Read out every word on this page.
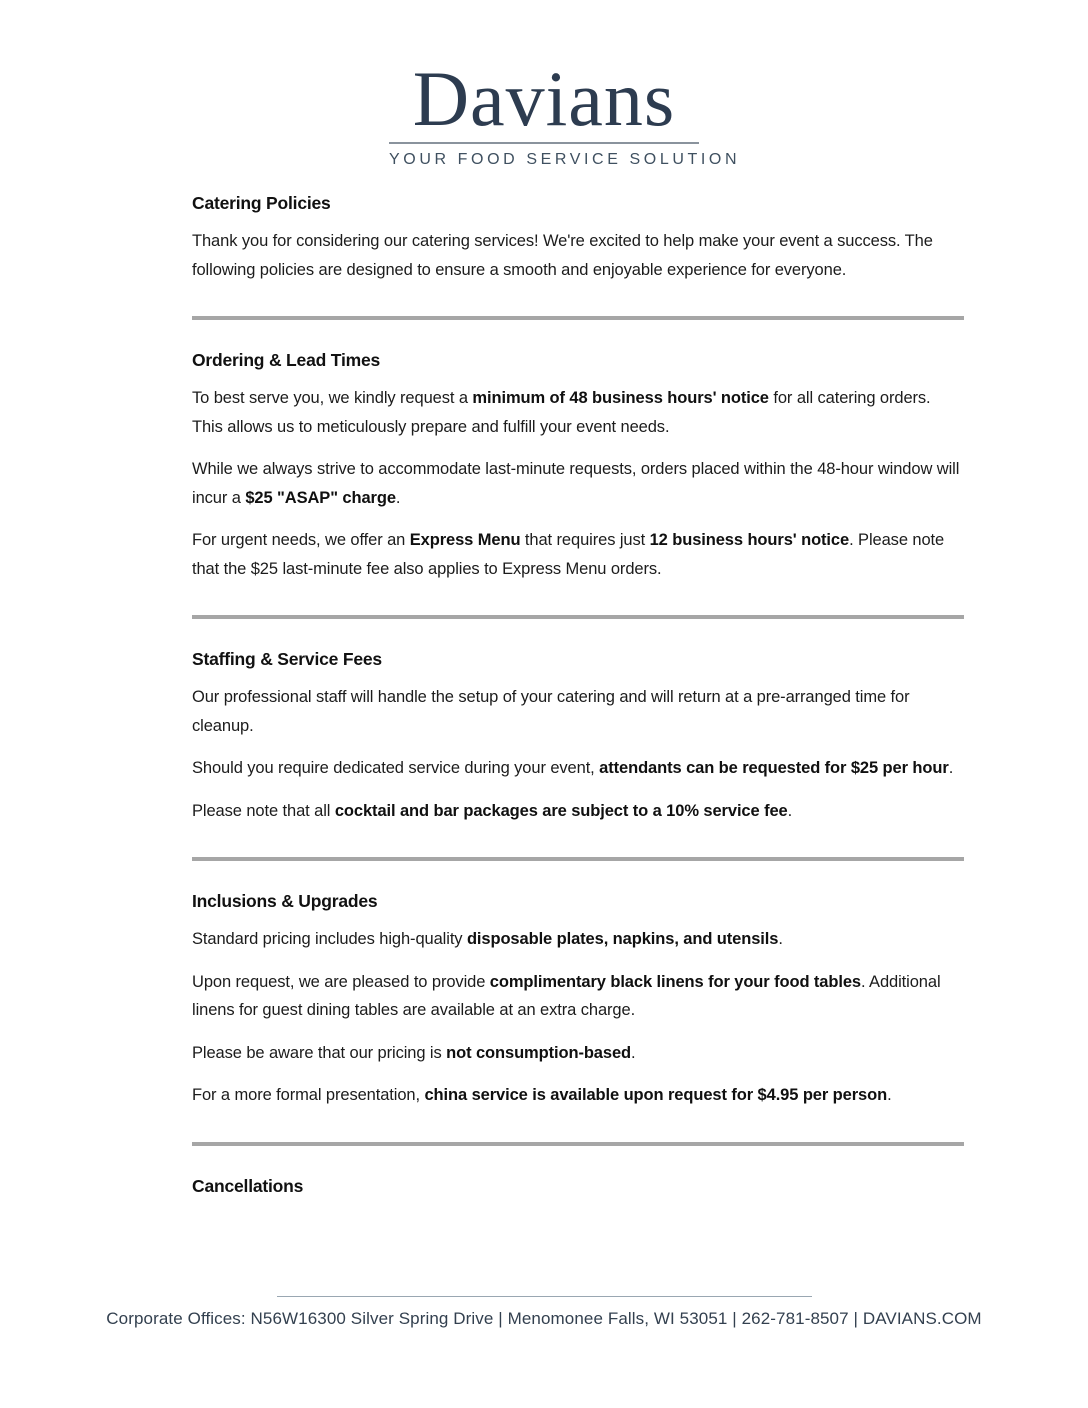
Davians
YOUR FOOD SERVICE SOLUTION
Catering Policies

Thank you for considering our catering services! We're excited to help make your event a success. The following policies are designed to ensure a smooth and enjoyable experience for everyone.

Ordering & Lead Times

To best serve you, we kindly request a minimum of 48 business hours' notice for all catering orders. This allows us to meticulously prepare and fulfill your event needs.

While we always strive to accommodate last-minute requests, orders placed within the 48-hour window will incur a $25 "ASAP" charge.

For urgent needs, we offer an Express Menu that requires just 12 business hours' notice. Please note that the $25 last-minute fee also applies to Express Menu orders.

Staffing & Service Fees

Our professional staff will handle the setup of your catering and will return at a pre-arranged time for cleanup.

Should you require dedicated service during your event, attendants can be requested for $25 per hour.

Please note that all cocktail and bar packages are subject to a 10% service fee.

Inclusions & Upgrades

Standard pricing includes high-quality disposable plates, napkins, and utensils.

Upon request, we are pleased to provide complimentary black linens for your food tables. Additional linens for guest dining tables are available at an extra charge.

Please be aware that our pricing is not consumption-based.

For a more formal presentation, china service is available upon request for $4.95 per person.

Cancellations
Corporate Offices: N56W16300 Silver Spring Drive | Menomonee Falls, WI 53051 | 262-781-8507 | DAVIANS.COM
